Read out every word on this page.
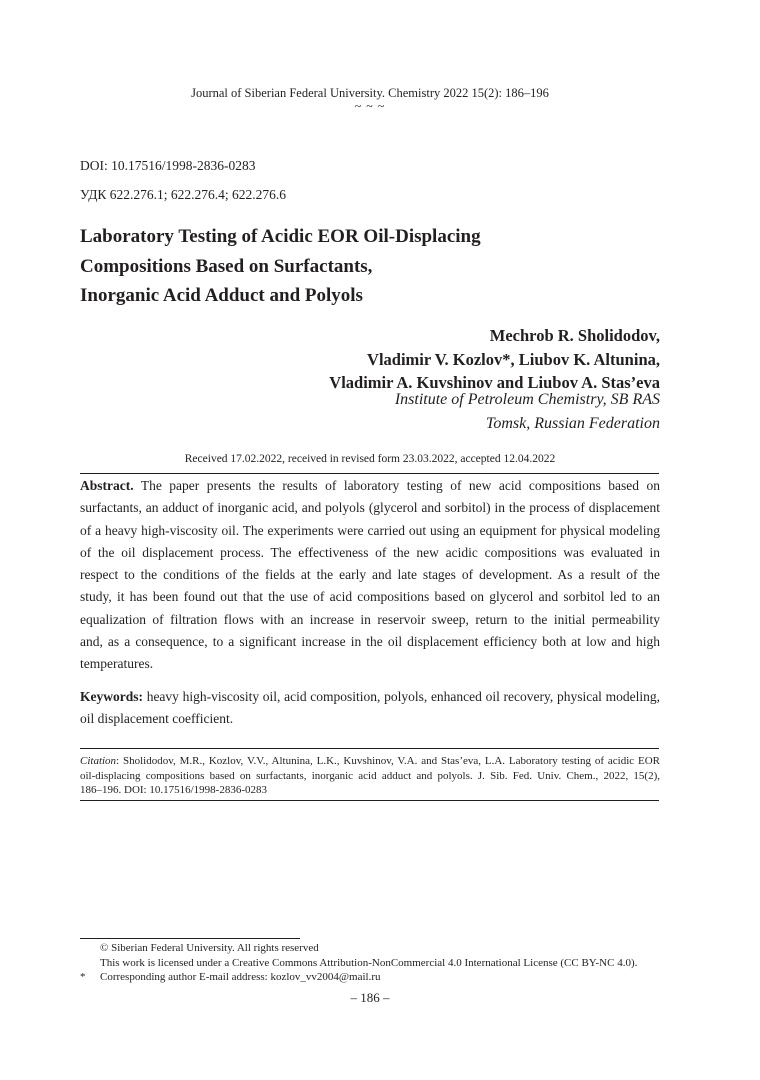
Journal of Siberian Federal University. Chemistry 2022 15(2): 186–196
~ ~ ~
DOI: 10.17516/1998-2836-0283
УДК 622.276.1; 622.276.4; 622.276.6
Laboratory Testing of Acidic EOR Oil-Displacing
Compositions Based on Surfactants,
Inorganic Acid Adduct and Polyols
Mechrob R. Sholidodov,
Vladimir V. Kozlov*, Liubov K. Altunina,
Vladimir A. Kuvshinov and Liubov A. Stas’eva
Institute of Petroleum Chemistry, SB RAS
Tomsk, Russian Federation
Received 17.02.2022, received in revised form 23.03.2022, accepted 12.04.2022
Abstract. The paper presents the results of laboratory testing of new acid compositions based on
surfactants, an adduct of inorganic acid, and polyols (glycerol and sorbitol) in the process of displacement
of a heavy high-viscosity oil. The experiments were carried out using an equipment for physical modeling
of the oil displacement process. The effectiveness of the new acidic compositions was evaluated in
respect to the conditions of the fields at the early and late stages of development. As a result of the
study, it has been found out that the use of acid compositions based on glycerol and sorbitol led to an
equalization of filtration flows with an increase in reservoir sweep, return to the initial permeability
and, as a consequence, to a significant increase in the oil displacement efficiency both at low and high
temperatures.
Keywords: heavy high-viscosity oil, acid composition, polyols, enhanced oil recovery, physical modeling,
oil displacement coefficient.
Citation: Sholidodov, M.R., Kozlov, V.V., Altunina, L.K., Kuvshinov, V.A. and Stas’eva, L.A. Laboratory testing of acidic EOR
oil-displacing compositions based on surfactants, inorganic acid adduct and polyols. J. Sib. Fed. Univ. Chem., 2022, 15(2),
186–196. DOI: 10.17516/1998-2836-0283
© Siberian Federal University. All rights reserved
This work is licensed under a Creative Commons Attribution-NonCommercial 4.0 International License (CC BY-NC 4.0).
* Corresponding author E-mail address: kozlov_vv2004@mail.ru
– 186 –
